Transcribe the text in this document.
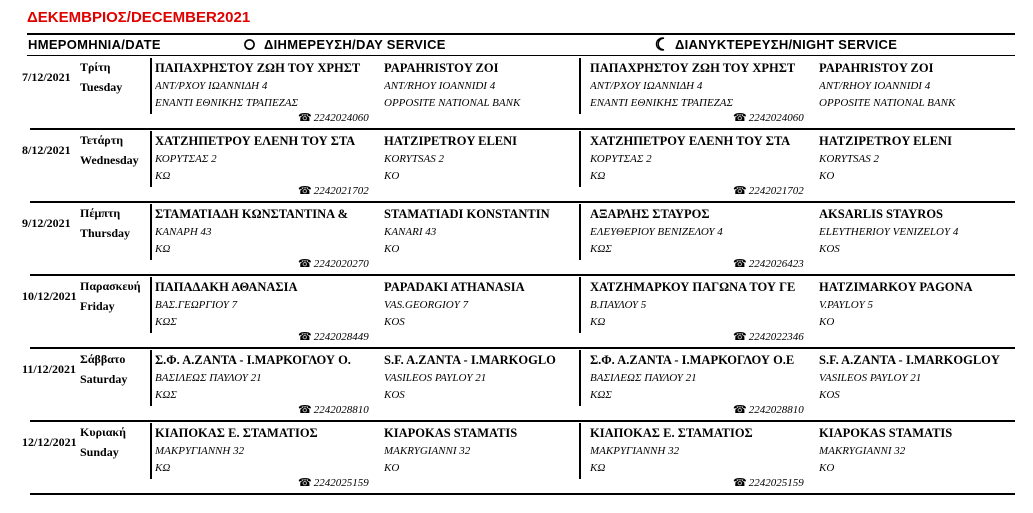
ΔΕΚΕΜΒΡΙΟΣ/DECEMBER2021
ΗΜΕΡΟΜΗΝΙΑ/DATE	ΔΙΗΜΕΡΕΥΣΗ/DAY SERVICE	ΔΙΑΝΥΚΤΕΡΕΥΣΗ/NIGHT SERVICE
7/12/2021
Τρίτη
Tuesday
ΠΑΠΑΧΡΗΣΤΟΥ ΖΩΗ ΤΟΥ ΧΡΗΣΤ
ΑΝΤ/ΡΧΟΥ ΙΩΑΝΝΙΔΗ 4
ΕΝΑΝΤΙ ΕΘΝΙΚΗΣ ΤΡΑΠΕΖΑΣ
☎ 2242024060
PAPAHRISTOY ZOI
ANT/RHOY IOANNIDI 4
OPPOSITE NATIONAL BANK
ΠΑΠΑΧΡΗΣΤΟΥ ΖΩΗ ΤΟΥ ΧΡΗΣΤ
ΑΝΤ/ΡΧΟΥ ΙΩΑΝΝΙΔΗ 4
ΕΝΑΝΤΙ ΕΘΝΙΚΗΣ ΤΡΑΠΕΖΑΣ
☎ 2242024060
PAPAHRISTOY ZOI
ANT/RHOY IOANNIDI 4
OPPOSITE NATIONAL BANK
8/12/2021
Τετάρτη
Wednesday
ΧΑΤΖΗΠΕΤΡΟΥ ΕΛΕΝΗ ΤΟΥ ΣΤΑ
ΚΟΡΥΤΣΑΣ 2
ΚΩ
☎ 2242021702
HATZIPETROY ELENI
KORYTSAS 2
KO
ΧΑΤΖΗΠΕΤΡΟΥ ΕΛΕΝΗ ΤΟΥ ΣΤΑ
ΚΟΡΥΤΣΑΣ 2
ΚΩ
☎ 2242021702
HATZIPETROY ELENI
KORYTSAS 2
KO
9/12/2021
Πέμπτη
Thursday
ΣΤΑΜΑΤΙΑΔΗ ΚΩΝΣΤΑΝΤΙΝΑ &
ΚΑΝΑΡΗ 43
ΚΩ
☎ 2242020270
STAMATIADI KONSTANTIN
KANARI 43
KO
ΑΞΑΡΛΗΣ ΣΤΑΥΡΟΣ
ΕΛΕΥΘΕΡΙΟΥ ΒΕΝΙΖΕΛΟΥ 4
ΚΩΣ
☎ 2242026423
AKSARLIS STAYROS
ELEYTHERIOY VENIZELOY 4
KOS
10/12/2021
Παρασκευή
Friday
ΠΑΠΑΔΑΚΗ ΑΘΑΝΑΣΙΑ
ΒΑΣ.ΓΕΩΡΓΙΟΥ 7
ΚΩΣ
☎ 2242028449
PAPADAKI ATHANASIA
VAS.GEORGIOY 7
KOS
ΧΑΤΖΗΜΑΡΚΟΥ ΠΑΓΩΝΑ ΤΟΥ ΓΕ
Β.ΠΑΥΛΟΥ 5
ΚΩ
☎ 2242022346
HATZIMARKOY PAGONA
V.PAYLOY 5
KO
11/12/2021
Σάββατο
Saturday
Σ.Φ. Α.ΖΑΝΤΑ - Ι.ΜΑΡΚΟΓΛΟΥ Ο.
ΒΑΣΙΛΕΩΣ ΠΑΥΛΟΥ 21
ΚΩΣ
☎ 2242028810
S.F. A.ZANTA - I.MARKOGLO
VASILEOS PAYLOY 21
KOS
Σ.Φ. Α.ΖΑΝΤΑ - Ι.ΜΑΡΚΟΓΛΟΥ Ο.Ε
ΒΑΣΙΛΕΩΣ ΠΑΥΛΟΥ 21
ΚΩΣ
☎ 2242028810
S.F. A.ZANTA - I.MARKOGLOY
VASILEOS PAYLOY 21
KOS
12/12/2021
Κυριακή
Sunday
ΚΙΑΠΟΚΑΣ Ε. ΣΤΑΜΑΤΙΟΣ
ΜΑΚΡΥΓΙΑΝΝΗ 32
ΚΩ
☎ 2242025159
KIAPOKAS STAMATIS
MAKRYGIANNI 32
KO
ΚΙΑΠΟΚΑΣ Ε. ΣΤΑΜΑΤΙΟΣ
ΜΑΚΡΥΓΙΑΝΝΗ 32
ΚΩ
☎ 2242025159
KIAPOKAS STAMATIS
MAKRYGIANNI 32
KO
